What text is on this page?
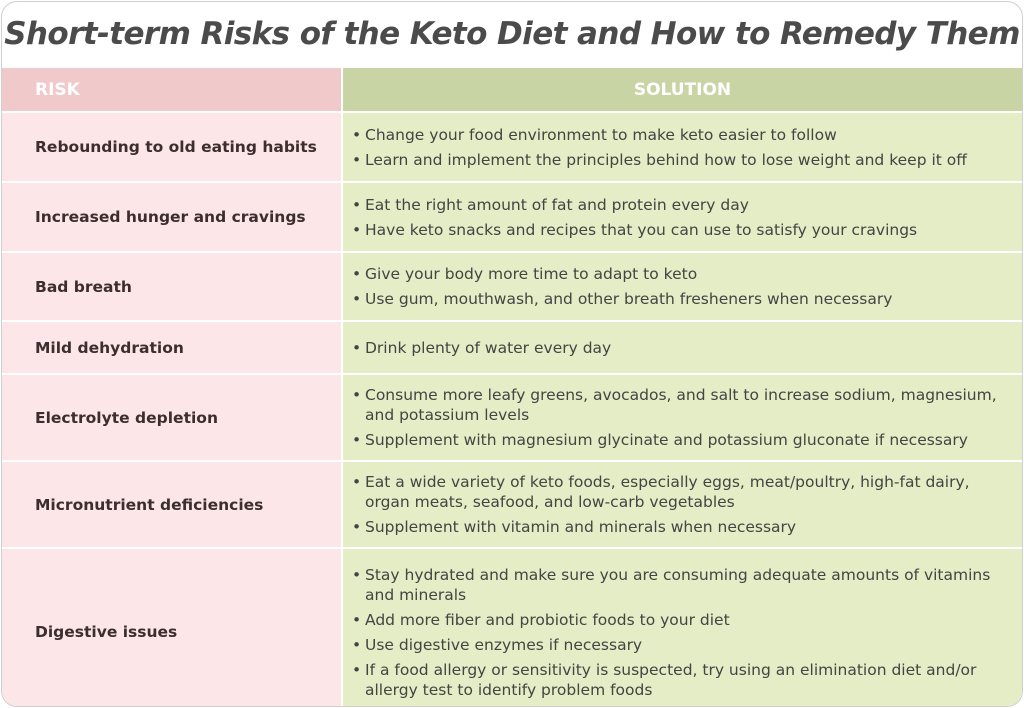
Short-term Risks of the Keto Diet and How to Remedy Them
RISK	SOLUTION
Rebounding to old eating habits
• Change your food environment to make keto easier to follow
• Learn and implement the principles behind how to lose weight and keep it off
Increased hunger and cravings
• Eat the right amount of fat and protein every day
• Have keto snacks and recipes that you can use to satisfy your cravings
Bad breath
• Give your body more time to adapt to keto
• Use gum, mouthwash, and other breath fresheners when necessary
Mild dehydration
•	Drink plenty of water every day
Electrolyte depletion
• Consume more leafy greens, avocados, and salt to increase sodium, magnesium, and potassium levels
• Supplement with magnesium glycinate and potassium gluconate if necessary
Micronutrient deficiencies
• Eat a wide variety of keto foods, especially eggs, meat/poultry, high-fat dairy, organ meats, seafood, and low-carb vegetables
• Supplement with vitamin and minerals when necessary
Digestive issues
• Stay hydrated and make sure you are consuming adequate amounts of vitamins and minerals
• Add more fiber and probiotic foods to your diet
• Use digestive enzymes if necessary
• If a food allergy or sensitivity is suspected, try using an elimination diet and/or allergy test to identify problem foods
